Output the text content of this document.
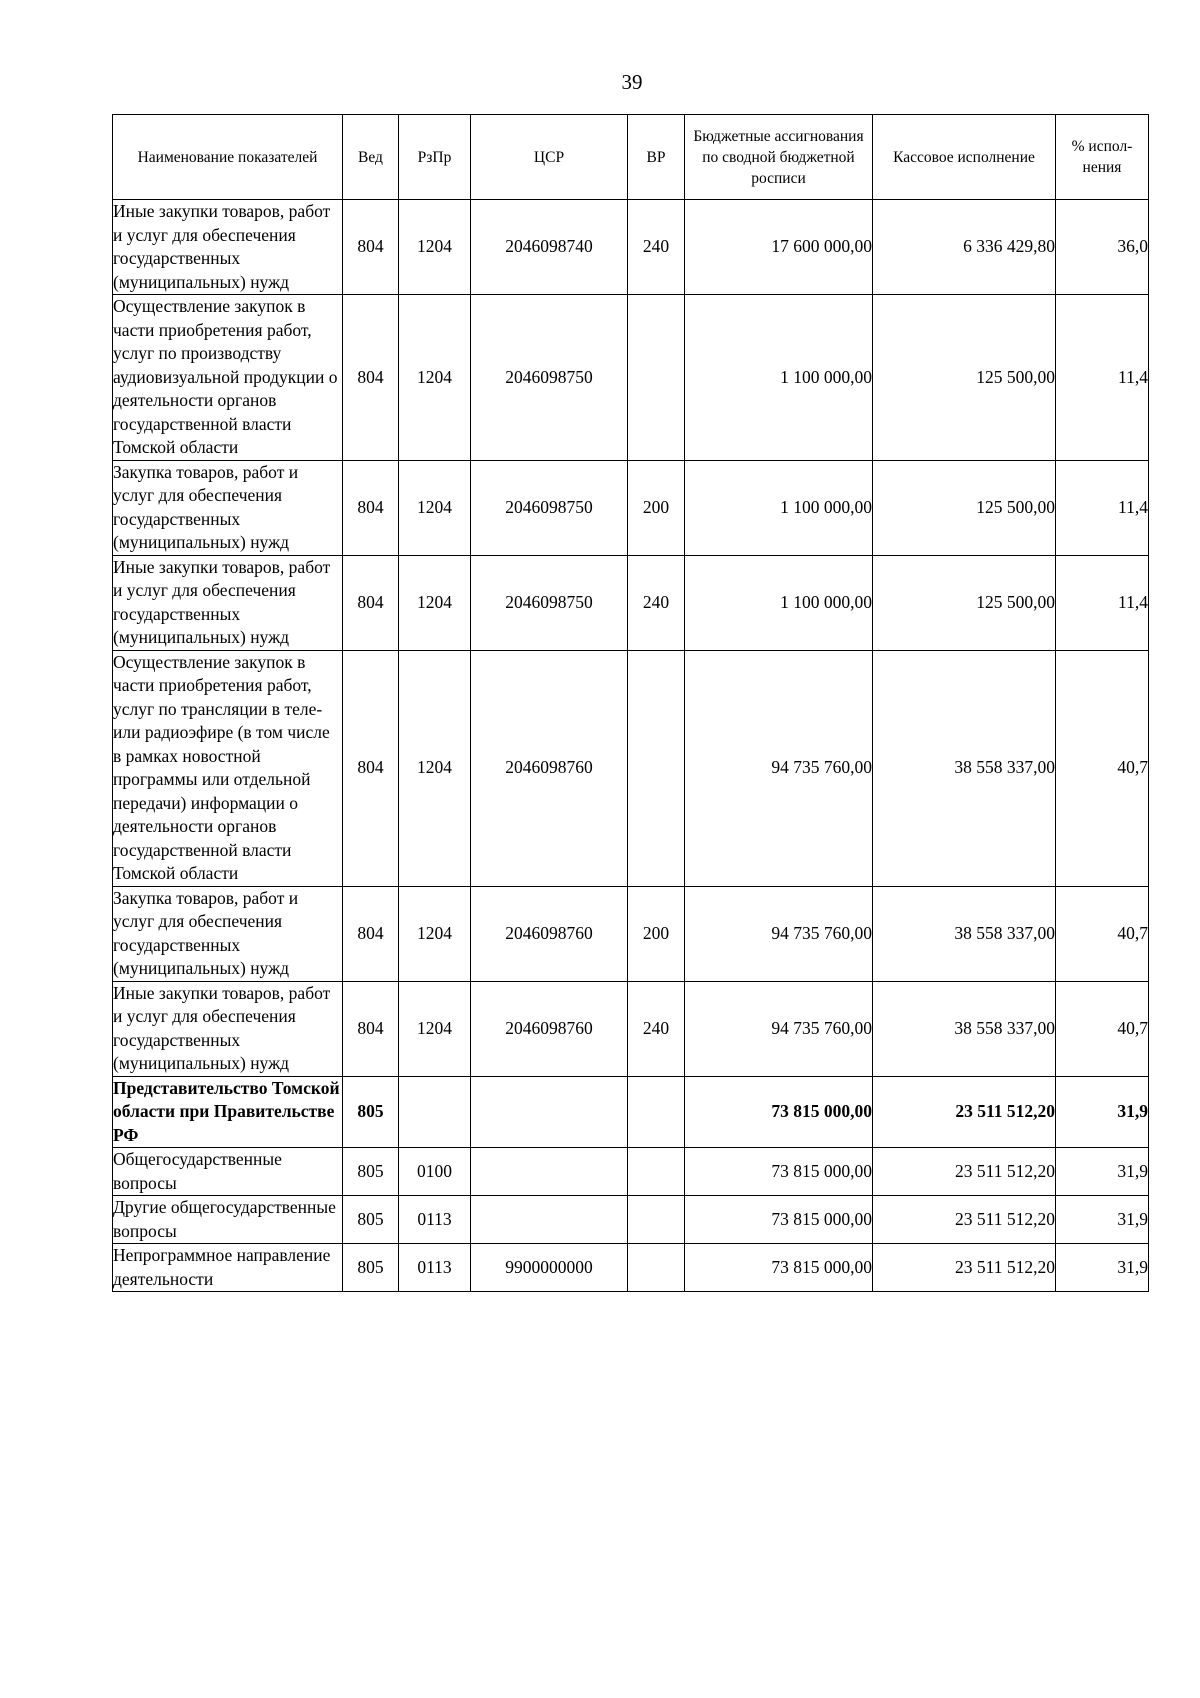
39
Наименование показателей	Вед	РзПр	ЦСР	ВР	Бюджетные ассигнования по сводной бюджетной росписи	Кассовое исполнение	% испол-нения
Иные закупки товаров, работ и услуг для обеспечения государственных (муниципальных) нужд	804	1204	2046098740	240	17 600 000,00	6 336 429,80	36,0
Осуществление закупок в части приобретения работ, услуг по производству аудиовизуальной продукции о деятельности органов государственной власти Томской области	804	1204	2046098750		1 100 000,00	125 500,00	11,4
Закупка товаров, работ и услуг для обеспечения государственных (муниципальных) нужд	804	1204	2046098750	200	1 100 000,00	125 500,00	11,4
Иные закупки товаров, работ и услуг для обеспечения государственных (муниципальных) нужд	804	1204	2046098750	240	1 100 000,00	125 500,00	11,4
Осуществление закупок в части приобретения работ, услуг по трансляции в теле- или радиоэфире (в том числе в рамках новостной программы или отдельной передачи) информации о деятельности органов государственной власти Томской области	804	1204	2046098760		94 735 760,00	38 558 337,00	40,7
Закупка товаров, работ и услуг для обеспечения государственных (муниципальных) нужд	804	1204	2046098760	200	94 735 760,00	38 558 337,00	40,7
Иные закупки товаров, работ и услуг для обеспечения государственных (муниципальных) нужд	804	1204	2046098760	240	94 735 760,00	38 558 337,00	40,7
Представительство Томской области при Правительстве РФ	805				73 815 000,00	23 511 512,20	31,9
Общегосударственные вопросы	805	0100			73 815 000,00	23 511 512,20	31,9
Другие общегосударственные вопросы	805	0113			73 815 000,00	23 511 512,20	31,9
Непрограммное направление деятельности	805	0113	9900000000		73 815 000,00	23 511 512,20	31,9
